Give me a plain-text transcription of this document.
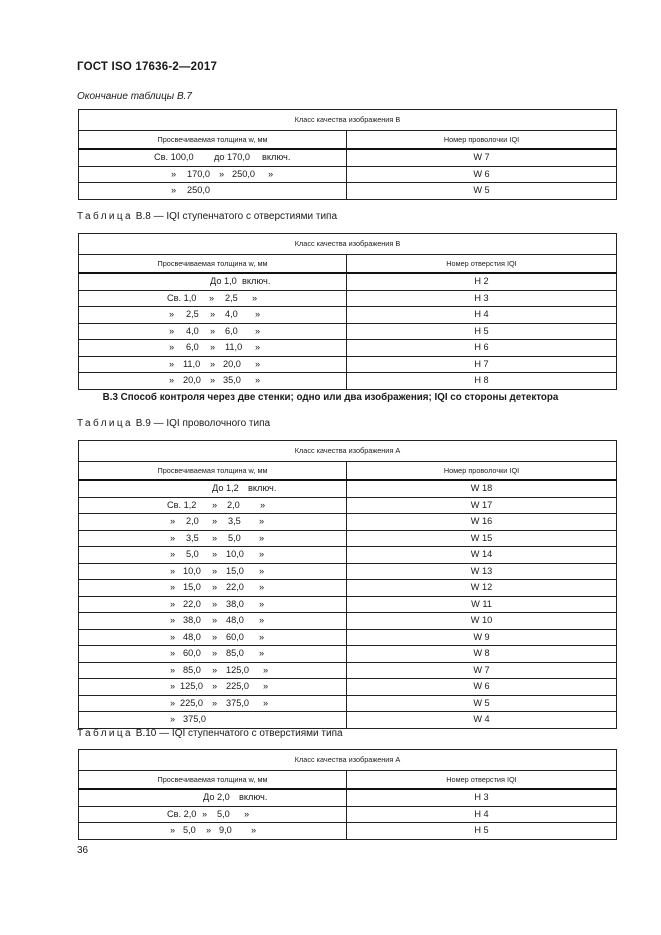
ГОСТ ISO 17636-2—2017
Окончание таблицы В.7
Класс качества изображения В	
Просвечиваемая толщина w, мм	Номер проволочки IQI

Св. 100,0 до 170,0 включ.	W 7

» 170,0 » 250,0 »	W 6

» 250,0	W 5
Таблица В.8 — IQI ступенчатого с отверстиями типа
Класс качества изображения В	
Просвечиваемая толщина w, мм	Номер отверстия IQI

До 1,0 включ.	H 2

Св. 1,0 » 2,5 »	H 3

» 2,5 » 4,0 »	H 4

» 4,0 » 6,0 »	H 5

» 6,0 » 11,0 »	H 6

» 11,0 » 20,0 »	H 7

» 20,0 » 35,0 »	H 8
В.3 Способ контроля через две стенки; одно или два изображения; IQI со стороны детектора
Таблица В.9 — IQI проволочного типа
Класс качества изображения А	
Просвечиваемая толщина w, мм	Номер проволочки IQI

До 1,2 включ.	W 18

Св. 1,2 » 2,0 »	W 17

» 2,0 » 3,5 »	W 16

» 3,5 » 5,0 »	W 15

» 5,0 » 10,0 »	W 14

» 10,0 » 15,0 »	W 13

» 15,0 » 22,0 »	W 12

» 22,0 » 38,0 »	W 11

» 38,0 » 48,0 »	W 10

» 48,0 » 60,0 »	W 9

» 60,0 » 85,0 »	W 8

» 85,0 » 125,0 »	W 7

» 125,0 » 225,0 »	W 6

» 225,0 » 375,0 »	W 5

» 375,0	W 4
Таблица В.10 — IQI ступенчатого с отверстиями типа
Класс качества изображения А	
Просвечиваемая толщина w, мм	Номер отверстия IQI

До 2,0 включ.	H 3

Св. 2,0 » 5,0 »	H 4

» 5,0 » 9,0 »	H 5
36
